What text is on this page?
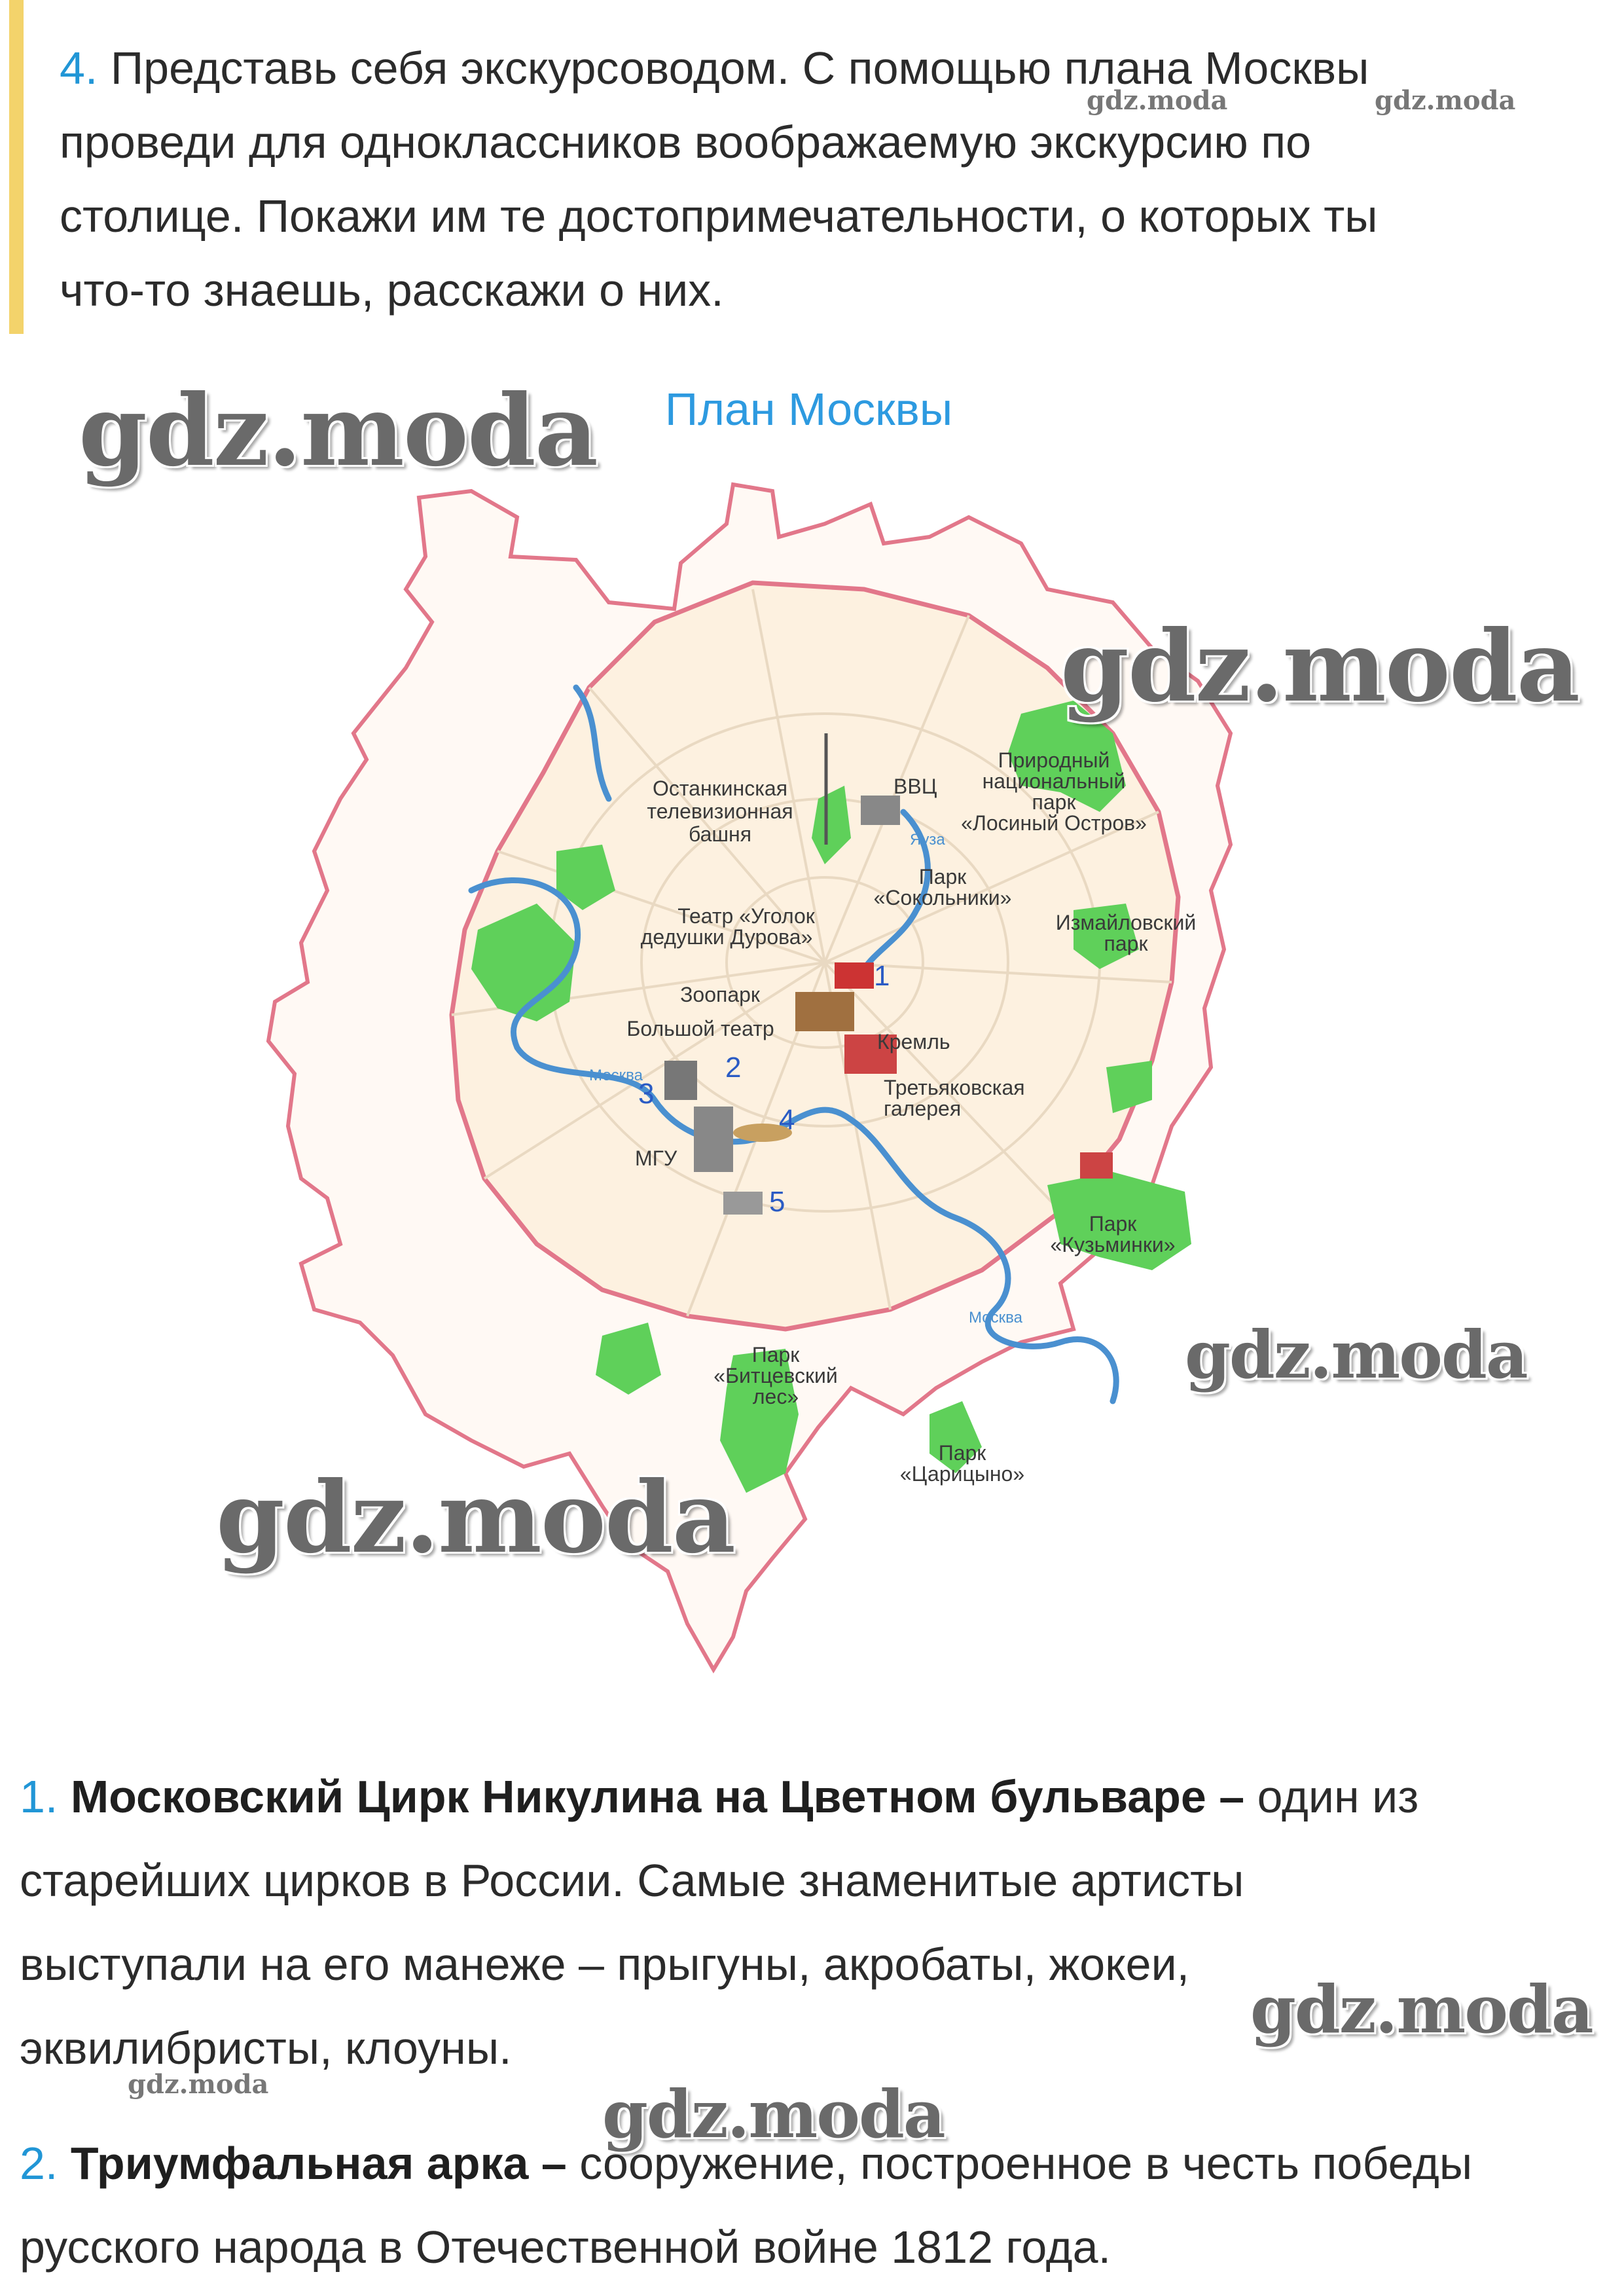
4. Представь себя экскурсоводом. С помощью плана Москвы
проведи для одноклассников воображаемую экскурсию по
столице. Покажи им те достопримечательности, о которых ты
что-то знаешь, расскажи о них.
План Москвы
Останкинская
телевизионная
башня
ВВЦ
Природный
национальный
парк
«Лосиный Остров»
Парк
«Сокольники»
Театр «Уголок
дедушки Дурова»
Измайловский
парк
Зоопарк
Большой театр
Кремль
Третьяковская
галерея
МГУ
Парк
«Кузьминки»
Парк
«Битцевский
лес»
Парк
«Царицыно»
Москва
Москва
Яуза
1
2
3
4
5
gdz.moda
gdz.moda
gdz.moda
gdz.moda
gdz.moda
gdz.moda
gdz.moda	gdz.moda
gdz.moda
1. Московский Цирк Никулина на Цветном бульваре – один из
старейших цирков в России. Самые знаменитые артисты
выступали на его манеже – прыгуны, акробаты, жокеи,
эквилибристы, клоуны.
2. Триумфальная арка – сооружение, построенное в честь победы
русского народа в Отечественной войне 1812 года.
